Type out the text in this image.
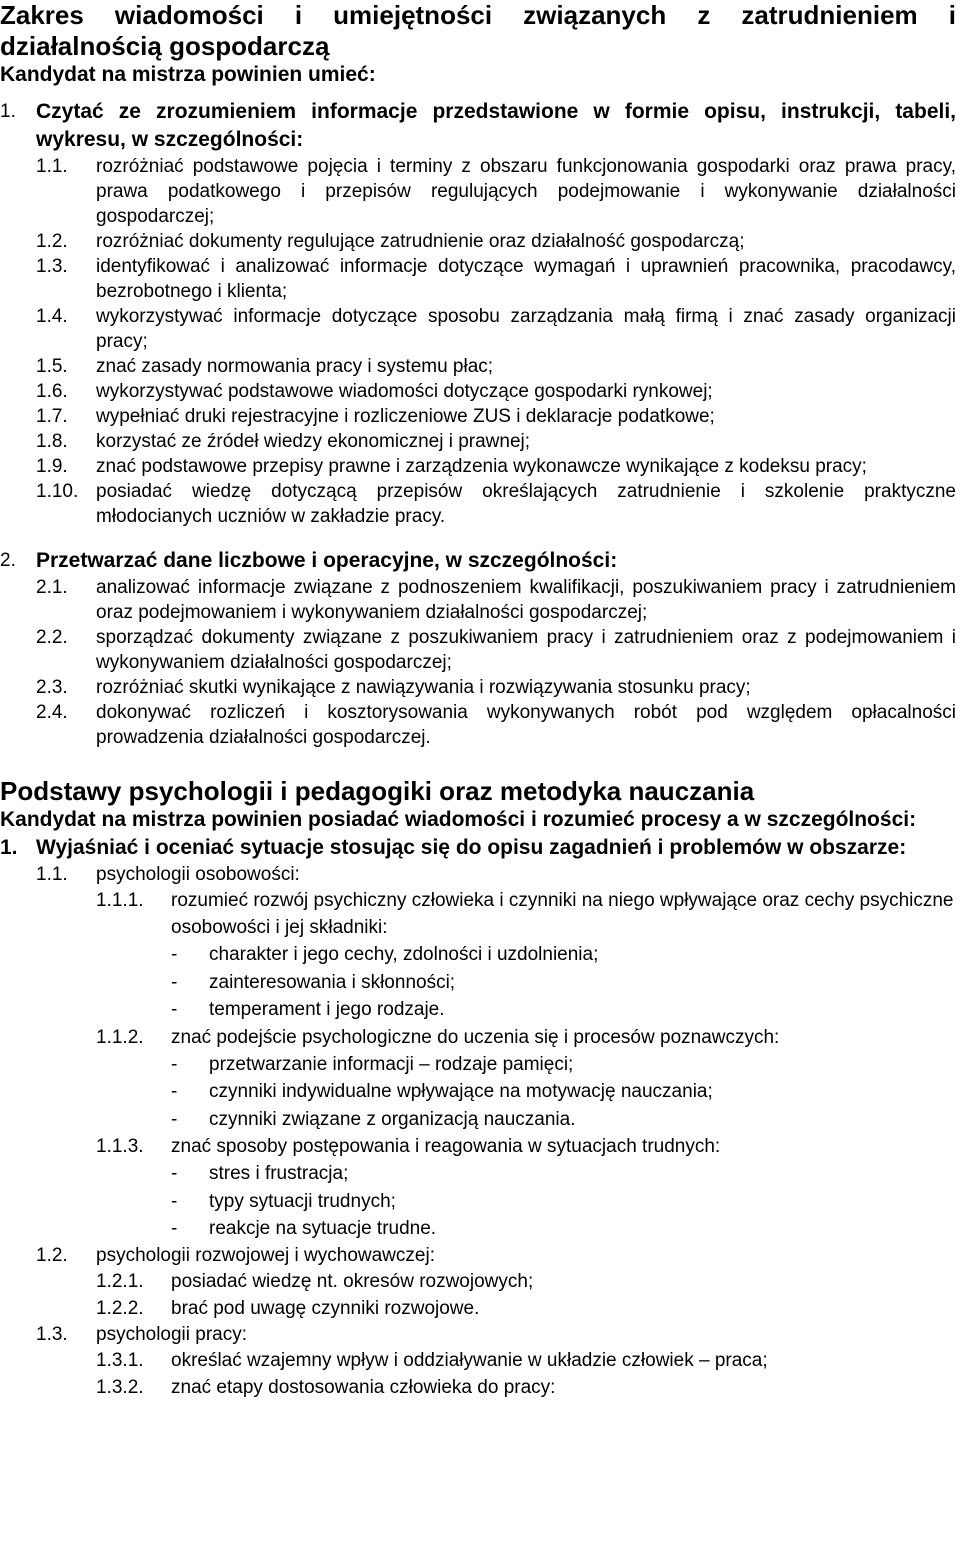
Zakres wiadomości i umiejętności związanych z zatrudnieniem i działalnością gospodarczą

Kandydat na mistrza powinien umieć:

1. Czytać ze zrozumieniem informacje przedstawione w formie opisu, instrukcji, tabeli, wykresu, w szczególności:
1.1.	rozróżniać podstawowe pojęcia i terminy z obszaru funkcjonowania gospodarki oraz prawa pracy, prawa podatkowego i przepisów regulujących podejmowanie i wykonywanie działalności gospodarczej;
1.2.	rozróżniać dokumenty regulujące zatrudnienie oraz działalność gospodarczą;
1.3.	identyfikować i analizować informacje dotyczące wymagań i uprawnień pracownika, pracodawcy, bezrobotnego i klienta;
1.4.	wykorzystywać informacje dotyczące sposobu zarządzania małą firmą i znać zasady organizacji pracy;
1.5.	znać zasady normowania pracy i systemu płac;
1.6.	wykorzystywać podstawowe wiadomości dotyczące gospodarki rynkowej;
1.7.	wypełniać druki rejestracyjne i rozliczeniowe ZUS i deklaracje podatkowe;
1.8.	korzystać ze źródeł wiedzy ekonomicznej i prawnej;
1.9.	znać podstawowe przepisy prawne i zarządzenia wykonawcze wynikające z kodeksu pracy;
1.10. posiadać wiedzę dotyczącą przepisów określających zatrudnienie i szkolenie praktyczne młodocianych uczniów w zakładzie pracy.
2. Przetwarzać dane liczbowe i operacyjne, w szczególności:
2.1.	analizować informacje związane z podnoszeniem kwalifikacji, poszukiwaniem pracy i zatrudnieniem oraz podejmowaniem i wykonywaniem działalności gospodarczej;
2.2.	sporządzać dokumenty związane z poszukiwaniem pracy i zatrudnieniem oraz z podejmowaniem i wykonywaniem działalności gospodarczej;
2.3.	rozróżniać skutki wynikające z nawiązywania i rozwiązywania stosunku pracy;
2.4.	dokonywać rozliczeń i kosztorysowania wykonywanych robót pod względem opłacalności prowadzenia działalności gospodarczej.
Podstawy psychologii i pedagogiki oraz metodyka nauczania

Kandydat na mistrza powinien posiadać wiadomości i rozumieć procesy a w szczególności:

1. Wyjaśniać i oceniać sytuacje stosując się do opisu zagadnień i problemów w obszarze:
1.1.	psychologii osobowości:
1.1.1.	rozumieć rozwój psychiczny człowieka i czynniki na niego wpływające oraz cechy psychiczne osobowości i jej składniki:
-	charakter i jego cechy, zdolności i uzdolnienia;
-	zainteresowania i skłonności;
-	temperament i jego rodzaje.
1.1.2.	znać podejście psychologiczne do uczenia się i procesów poznawczych:
-	przetwarzanie informacji – rodzaje pamięci;
-	czynniki indywidualne wpływające na motywację nauczania;
-	czynniki związane z organizacją nauczania.
1.1.3.	znać sposoby postępowania i reagowania w sytuacjach trudnych:
-	stres i frustracja;
-	typy sytuacji trudnych;
-	reakcje na sytuacje trudne.
1.2.	psychologii rozwojowej i wychowawczej:
1.2.1.	posiadać wiedzę nt. okresów rozwojowych;
1.2.2.	brać pod uwagę czynniki rozwojowe.
1.3.	psychologii pracy:
1.3.1.	określać wzajemny wpływ i oddziaływanie w układzie człowiek – praca;
1.3.2.	znać etapy dostosowania człowieka do pracy:
